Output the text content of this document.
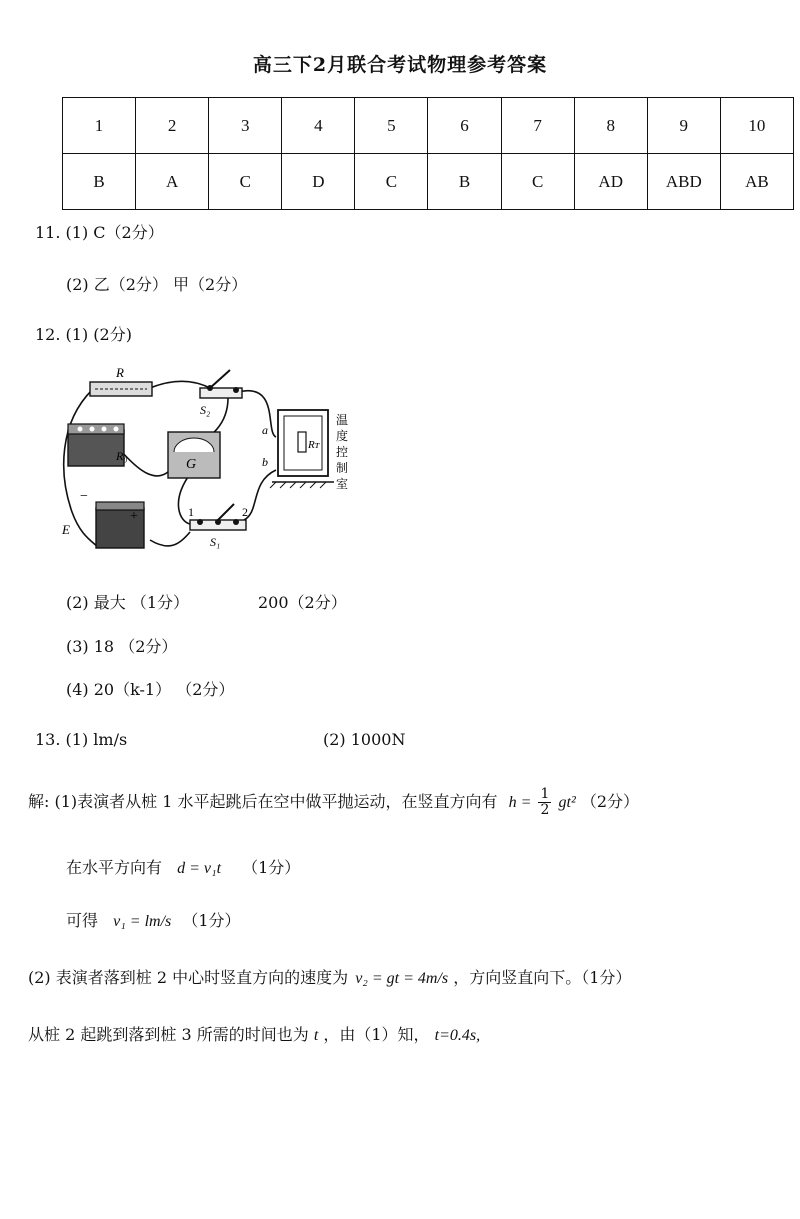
高三下2月联合考试物理参考答案
1	2	3	4	5	6	7	8	9	10
B	A	C	D	C	B	C	AD	ABD	AB
11. (1) C（2分）
(2) 乙（2分） 甲（2分）
12. (1) (2分)
R
S₂
R₀
G
a
b
Rᴛ
温
度
控
制
室
−
+
E
1	2
S₁
(2) 最大 （1分）	200（2分）
(3) 18 （2分）
(4) 20（k-1） （2分）
13. (1) lm/s	(2) 1000N
解: (1)表演者从桩 1 水平起跳后在空中做平抛运动，在竖直方向有 $h = \frac{1}{2} gt^2$ （2分）
在水平方向有 d = v₁t （1分）
可得 v₁ = lm/s （1分）
(2) 表演者落到桩 2 中心时竖直方向的速度为 v₂ = gt = 4m/s ，方向竖直向下。（1分）
从桩 2 起跳到落到桩 3 所需的时间也为 t ，由（1）知， t=0.4s,
